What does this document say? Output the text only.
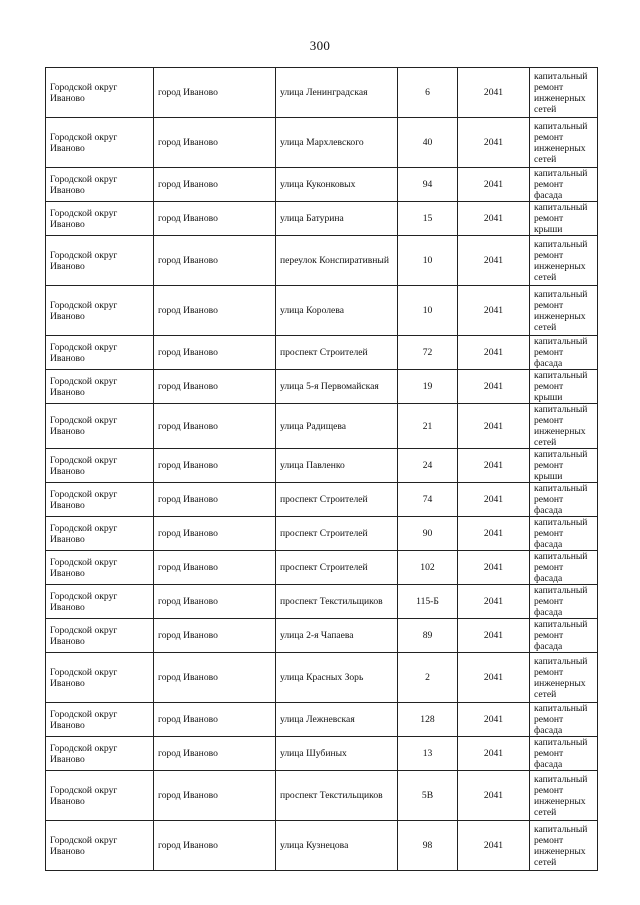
300
Городской округ Иваново	город Иваново	улица Ленинградская	6	2041	капитальный ремонт инженерных сетей
Городской округ Иваново	город Иваново	улица Мархлевского	40	2041	капитальный ремонт инженерных сетей
Городской округ Иваново	город Иваново	улица Куконковых	94	2041	капитальный ремонт фасада
Городской округ Иваново	город Иваново	улица Батурина	15	2041	капитальный ремонт крыши
Городской округ Иваново	город Иваново	переулок Конспиративный	10	2041	капитальный ремонт инженерных сетей
Городской округ Иваново	город Иваново	улица Королева	10	2041	капитальный ремонт инженерных сетей
Городской округ Иваново	город Иваново	проспект Строителей	72	2041	капитальный ремонт фасада
Городской округ Иваново	город Иваново	улица 5-я Первомайская	19	2041	капитальный ремонт крыши
Городской округ Иваново	город Иваново	улица Радищева	21	2041	капитальный ремонт инженерных сетей
Городской округ Иваново	город Иваново	улица Павленко	24	2041	капитальный ремонт крыши
Городской округ Иваново	город Иваново	проспект Строителей	74	2041	капитальный ремонт фасада
Городской округ Иваново	город Иваново	проспект Строителей	90	2041	капитальный ремонт фасада
Городской округ Иваново	город Иваново	проспект Строителей	102	2041	капитальный ремонт фасада
Городской округ Иваново	город Иваново	проспект Текстильщиков	115-Б	2041	капитальный ремонт фасада
Городской округ Иваново	город Иваново	улица 2-я Чапаева	89	2041	капитальный ремонт фасада
Городской округ Иваново	город Иваново	улица Красных Зорь	2	2041	капитальный ремонт инженерных сетей
Городской округ Иваново	город Иваново	улица Лежневская	128	2041	капитальный ремонт фасада
Городской округ Иваново	город Иваново	улица Шубиных	13	2041	капитальный ремонт фасада
Городской округ Иваново	город Иваново	проспект Текстильщиков	5В	2041	капитальный ремонт инженерных сетей
Городской округ Иваново	город Иваново	улица Кузнецова	98	2041	капитальный ремонт инженерных сетей
